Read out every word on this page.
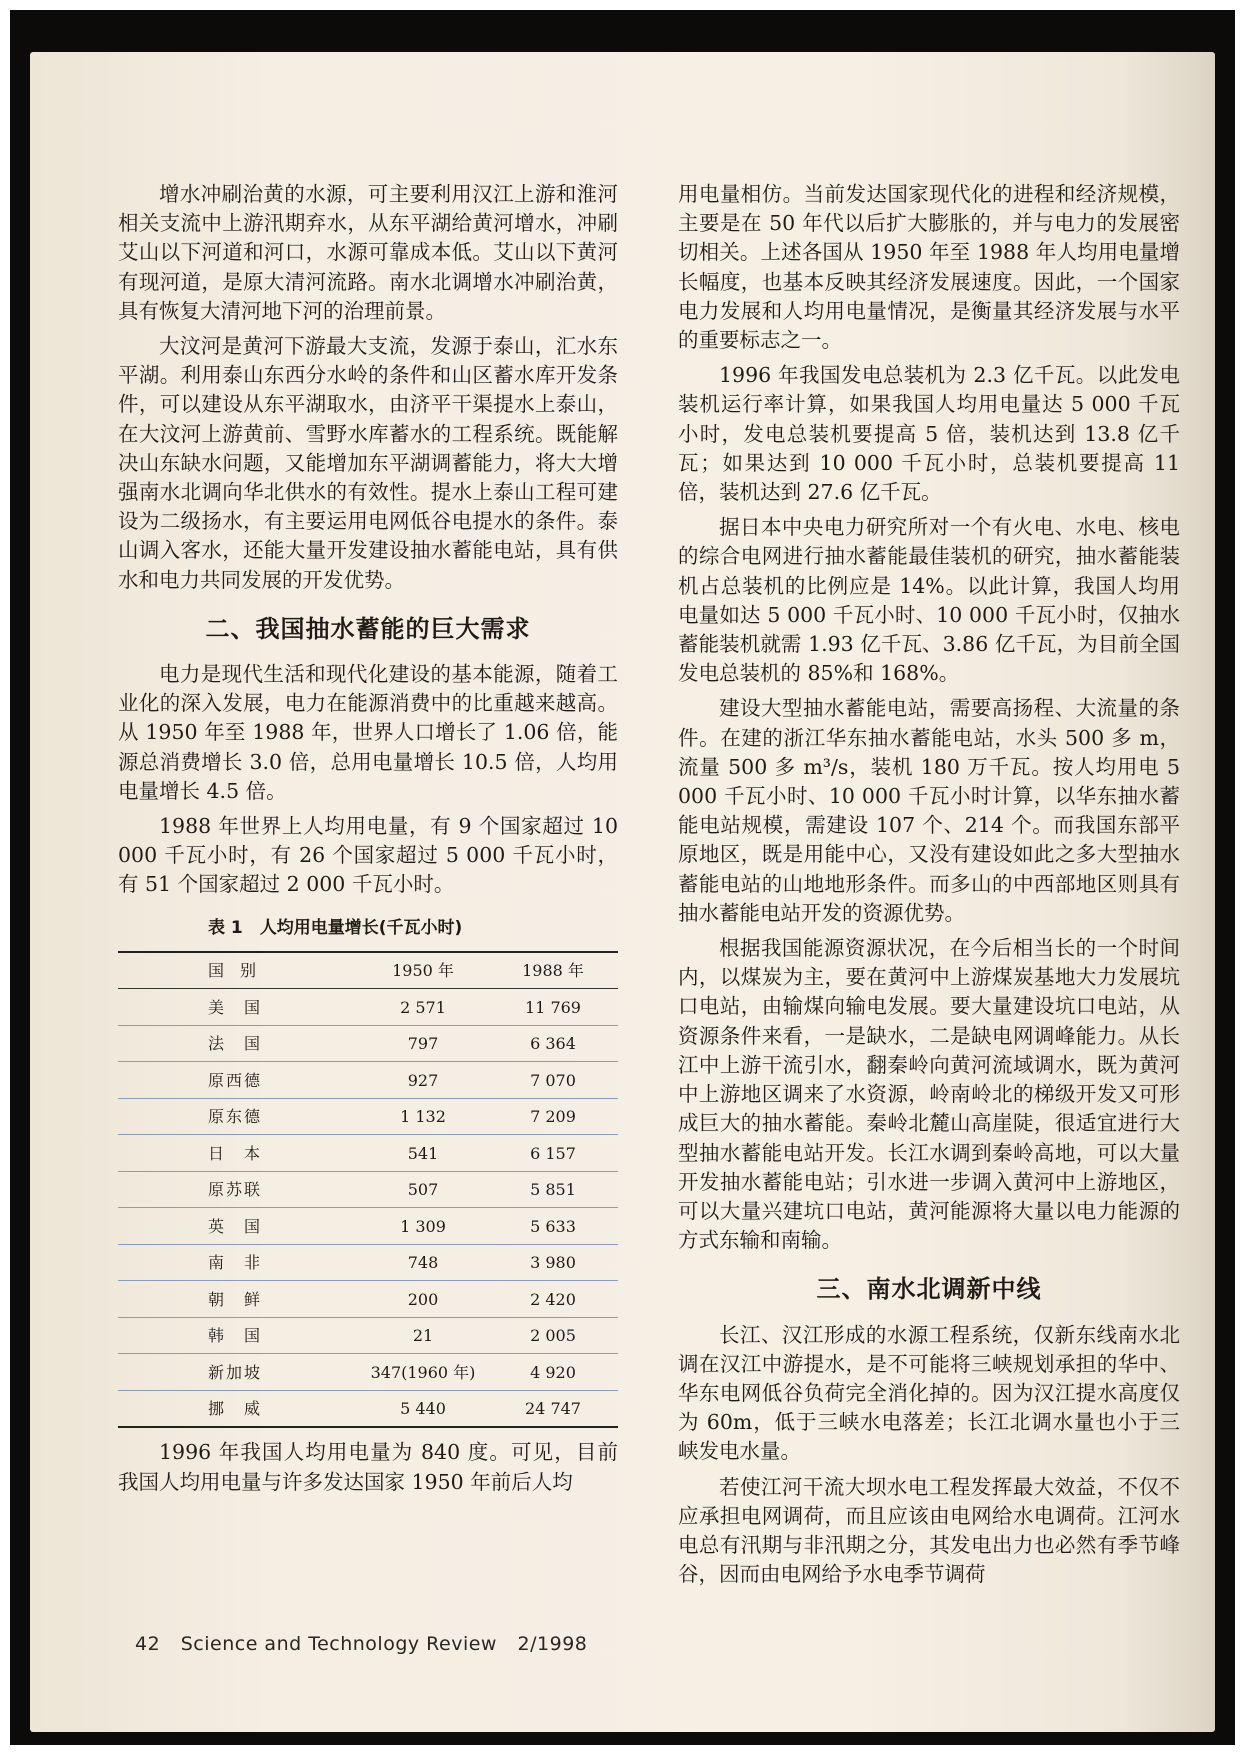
增水冲刷治黄的水源，可主要利用汉江上游和淮河相关支流中上游汛期弃水，从东平湖给黄河增水，冲刷艾山以下河道和河口，水源可靠成本低。艾山以下黄河有现河道，是原大清河流路。南水北调增水冲刷治黄，具有恢复大清河地下河的治理前景。

大汶河是黄河下游最大支流，发源于泰山，汇水东平湖。利用泰山东西分水岭的条件和山区蓄水库开发条件，可以建设从东平湖取水，由济平干渠提水上泰山，在大汶河上游黄前、雪野水库蓄水的工程系统。既能解决山东缺水问题，又能增加东平湖调蓄能力，将大大增强南水北调向华北供水的有效性。提水上泰山工程可建设为二级扬水，有主要运用电网低谷电提水的条件。泰山调入客水，还能大量开发建设抽水蓄能电站，具有供水和电力共同发展的开发优势。

二、我国抽水蓄能的巨大需求

电力是现代生活和现代化建设的基本能源，随着工业化的深入发展，电力在能源消费中的比重越来越高。从 1950 年至 1988 年，世界人口增长了 1.06 倍，能源总消费增长 3.0 倍，总用电量增长 10.5 倍，人均用电量增长 4.5 倍。

1988 年世界上人均用电量，有 9 个国家超过 10 000 千瓦小时，有 26 个国家超过 5 000 千瓦小时，有 51 个国家超过 2 000 千瓦小时。

表 1　人均用电量增长(千瓦小时)
国　别	1950 年	1988 年
美　国	2 571	11 769
法　国	797	6 364
原西德	927	7 070
原东德	1 132	7 209
日　本	541	6 157
原苏联	507	5 851
英　国	1 309	5 633
南　非	748	3 980
朝　鲜	200	2 420
韩　国	21	2 005
新加坡	347(1960 年)	4 920
挪　威	5 440	24 747

1996 年我国人均用电量为 840 度。可见，目前我国人均用电量与许多发达国家 1950 年前后人均

用电量相仿。当前发达国家现代化的进程和经济规模，主要是在 50 年代以后扩大膨胀的，并与电力的发展密切相关。上述各国从 1950 年至 1988 年人均用电量增长幅度，也基本反映其经济发展速度。因此，一个国家电力发展和人均用电量情况，是衡量其经济发展与水平的重要标志之一。

1996 年我国发电总装机为 2.3 亿千瓦。以此发电装机运行率计算，如果我国人均用电量达 5 000 千瓦小时，发电总装机要提高 5 倍，装机达到 13.8 亿千瓦；如果达到 10 000 千瓦小时，总装机要提高 11 倍，装机达到 27.6 亿千瓦。

据日本中央电力研究所对一个有火电、水电、核电的综合电网进行抽水蓄能最佳装机的研究，抽水蓄能装机占总装机的比例应是 14%。以此计算，我国人均用电量如达 5 000 千瓦小时、10 000 千瓦小时，仅抽水蓄能装机就需 1.93 亿千瓦、3.86 亿千瓦，为目前全国发电总装机的 85%和 168%。

建设大型抽水蓄能电站，需要高扬程、大流量的条件。在建的浙江华东抽水蓄能电站，水头 500 多 m，流量 500 多 m³/s，装机 180 万千瓦。按人均用电 5 000 千瓦小时、10 000 千瓦小时计算，以华东抽水蓄能电站规模，需建设 107 个、214 个。而我国东部平原地区，既是用能中心，又没有建设如此之多大型抽水蓄能电站的山地地形条件。而多山的中西部地区则具有抽水蓄能电站开发的资源优势。

根据我国能源资源状况，在今后相当长的一个时间内，以煤炭为主，要在黄河中上游煤炭基地大力发展坑口电站，由输煤向输电发展。要大量建设坑口电站，从资源条件来看，一是缺水，二是缺电网调峰能力。从长江中上游干流引水，翻秦岭向黄河流域调水，既为黄河中上游地区调来了水资源，岭南岭北的梯级开发又可形成巨大的抽水蓄能。秦岭北麓山高崖陡，很适宜进行大型抽水蓄能电站开发。长江水调到秦岭高地，可以大量开发抽水蓄能电站；引水进一步调入黄河中上游地区，可以大量兴建坑口电站，黄河能源将大量以电力能源的方式东输和南输。

三、南水北调新中线

长江、汉江形成的水源工程系统，仅新东线南水北调在汉江中游提水，是不可能将三峡规划承担的华中、华东电网低谷负荷完全消化掉的。因为汉江提水高度仅为 60m，低于三峡水电落差；长江北调水量也小于三峡发电水量。

若使江河干流大坝水电工程发挥最大效益，不仅不应承担电网调荷，而且应该由电网给水电调荷。江河水电总有汛期与非汛期之分，其发电出力也必然有季节峰谷，因而由电网给予水电季节调荷

42 Science and Technology Review 2/1998
